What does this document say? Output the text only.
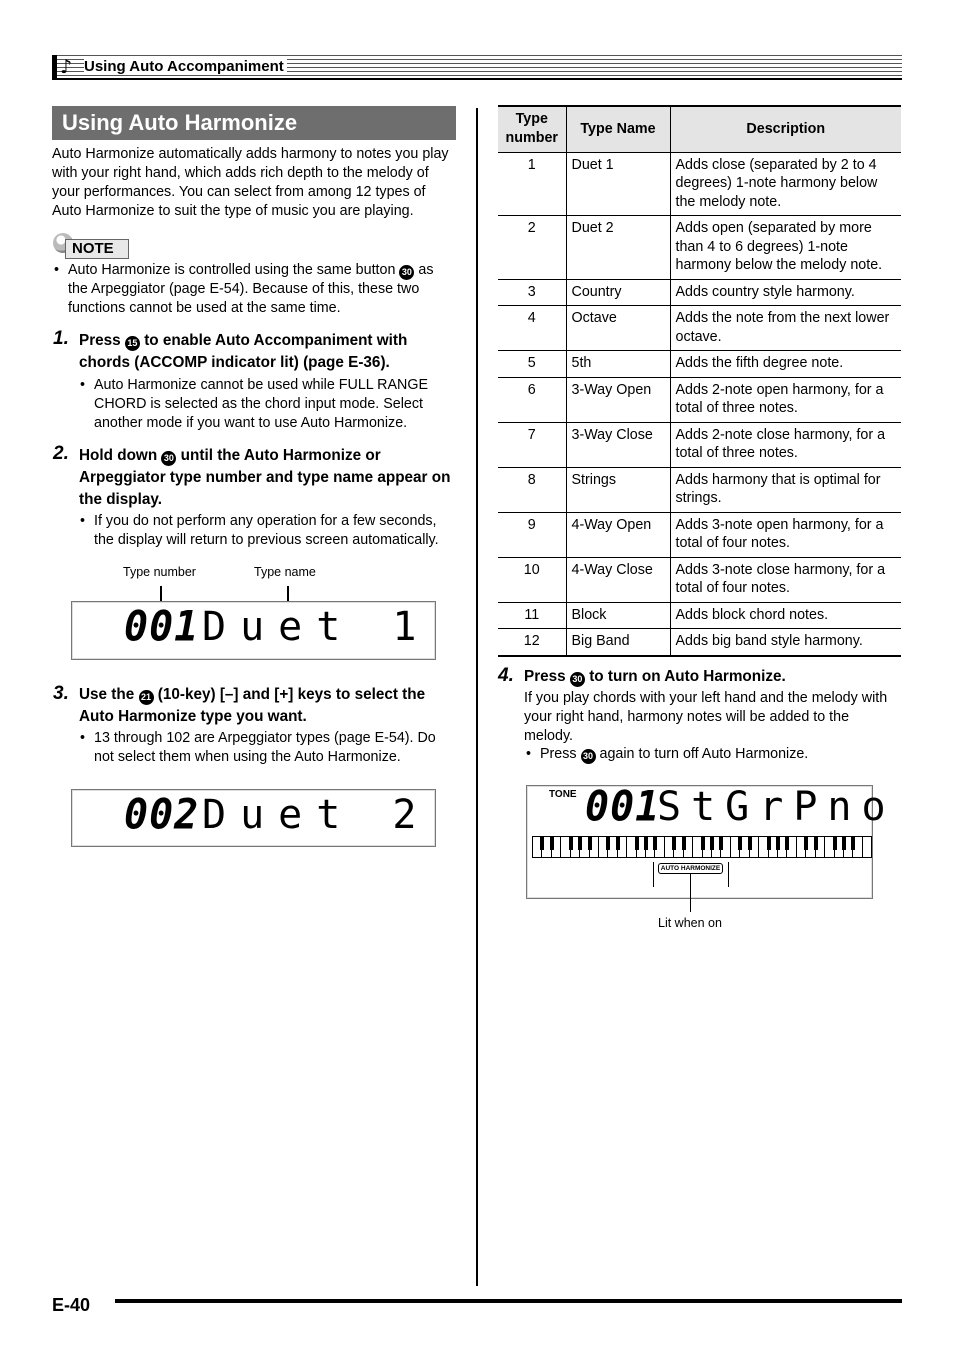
♪ Using Auto Accompaniment
Using Auto Harmonize

Auto Harmonize automatically adds harmony to notes you play with your right hand, which adds rich depth to the melody of your performances. You can select from among 12 types of Auto Harmonize to suit the type of music you are playing.

NOTE
• Auto Harmonize is controlled using the same button 30 as the Arpeggiator (page E-54). Because of this, these two functions cannot be used at the same time.
1. Press 15 to enable Auto Accompaniment with chords (ACCOMP indicator lit) (page E-36).
• Auto Harmonize cannot be used while FULL RANGE CHORD is selected as the chord input mode. Select another mode if you want to use Auto Harmonize.
2. Hold down 30 until the Auto Harmonize or Arpeggiator type number and type name appear on the display.
• If you do not perform any operation for a few seconds, the display will return to previous screen automatically.
Type number	Type name
001 Duet 1
3. Use the 21 (10-key) [–] and [+] keys to select the Auto Harmonize type you want.
• 13 through 102 are Arpeggiator types (page E-54). Do not select them when using the Auto Harmonize.
002 Duet 2
Type number	Type Name	Description
1	Duet 1	Adds close (separated by 2 to 4 degrees) 1-note harmony below the melody note.
2	Duet 2	Adds open (separated by more than 4 to 6 degrees) 1-note harmony below the melody note.
3	Country	Adds country style harmony.
4	Octave	Adds the note from the next lower octave.
5	5th	Adds the fifth degree note.
6	3-Way Open	Adds 2-note open harmony, for a total of three notes.
7	3-Way Close	Adds 2-note close harmony, for a total of three notes.
8	Strings	Adds harmony that is optimal for strings.
9	4-Way Open	Adds 3-note open harmony, for a total of four notes.
10	4-Way Close	Adds 3-note close harmony, for a total of four notes.
11	Block	Adds block chord notes.
12	Big Band	Adds big band style harmony.
4. Press 30 to turn on Auto Harmonize.

If you play chords with your left hand and the melody with your right hand, harmony notes will be added to the melody.

• Press 30 again to turn off Auto Harmonize.
TONE 001
StGrPno
AUTO HARMONIZE
Lit when on
E-40
